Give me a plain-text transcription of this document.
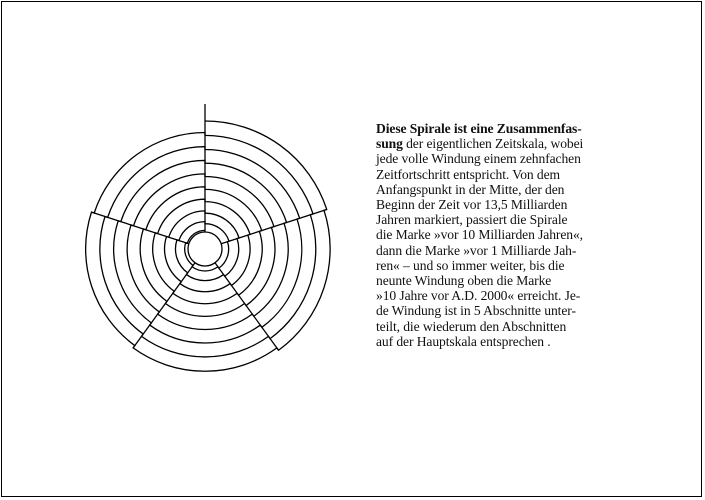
Diese Spirale ist eine Zusammenfas-
sung der eigentlichen Zeitskala, wobei
jede volle Windung einem zehnfachen
Zeitfortschritt entspricht. Von dem
Anfangspunkt in der Mitte, der den
Beginn der Zeit vor 13,5 Milliarden
Jahren markiert, passiert die Spirale
die Marke »vor 10 Milliarden Jahren«,
dann die Marke »vor 1 Milliarde Jah-
ren« – und so immer weiter, bis die
neunte Windung oben die Marke
»10 Jahre vor A.D. 2000« erreicht. Je-
de Windung ist in 5 Abschnitte unter-
teilt, die wiederum den Abschnitten
auf der Hauptskala entsprechen .
